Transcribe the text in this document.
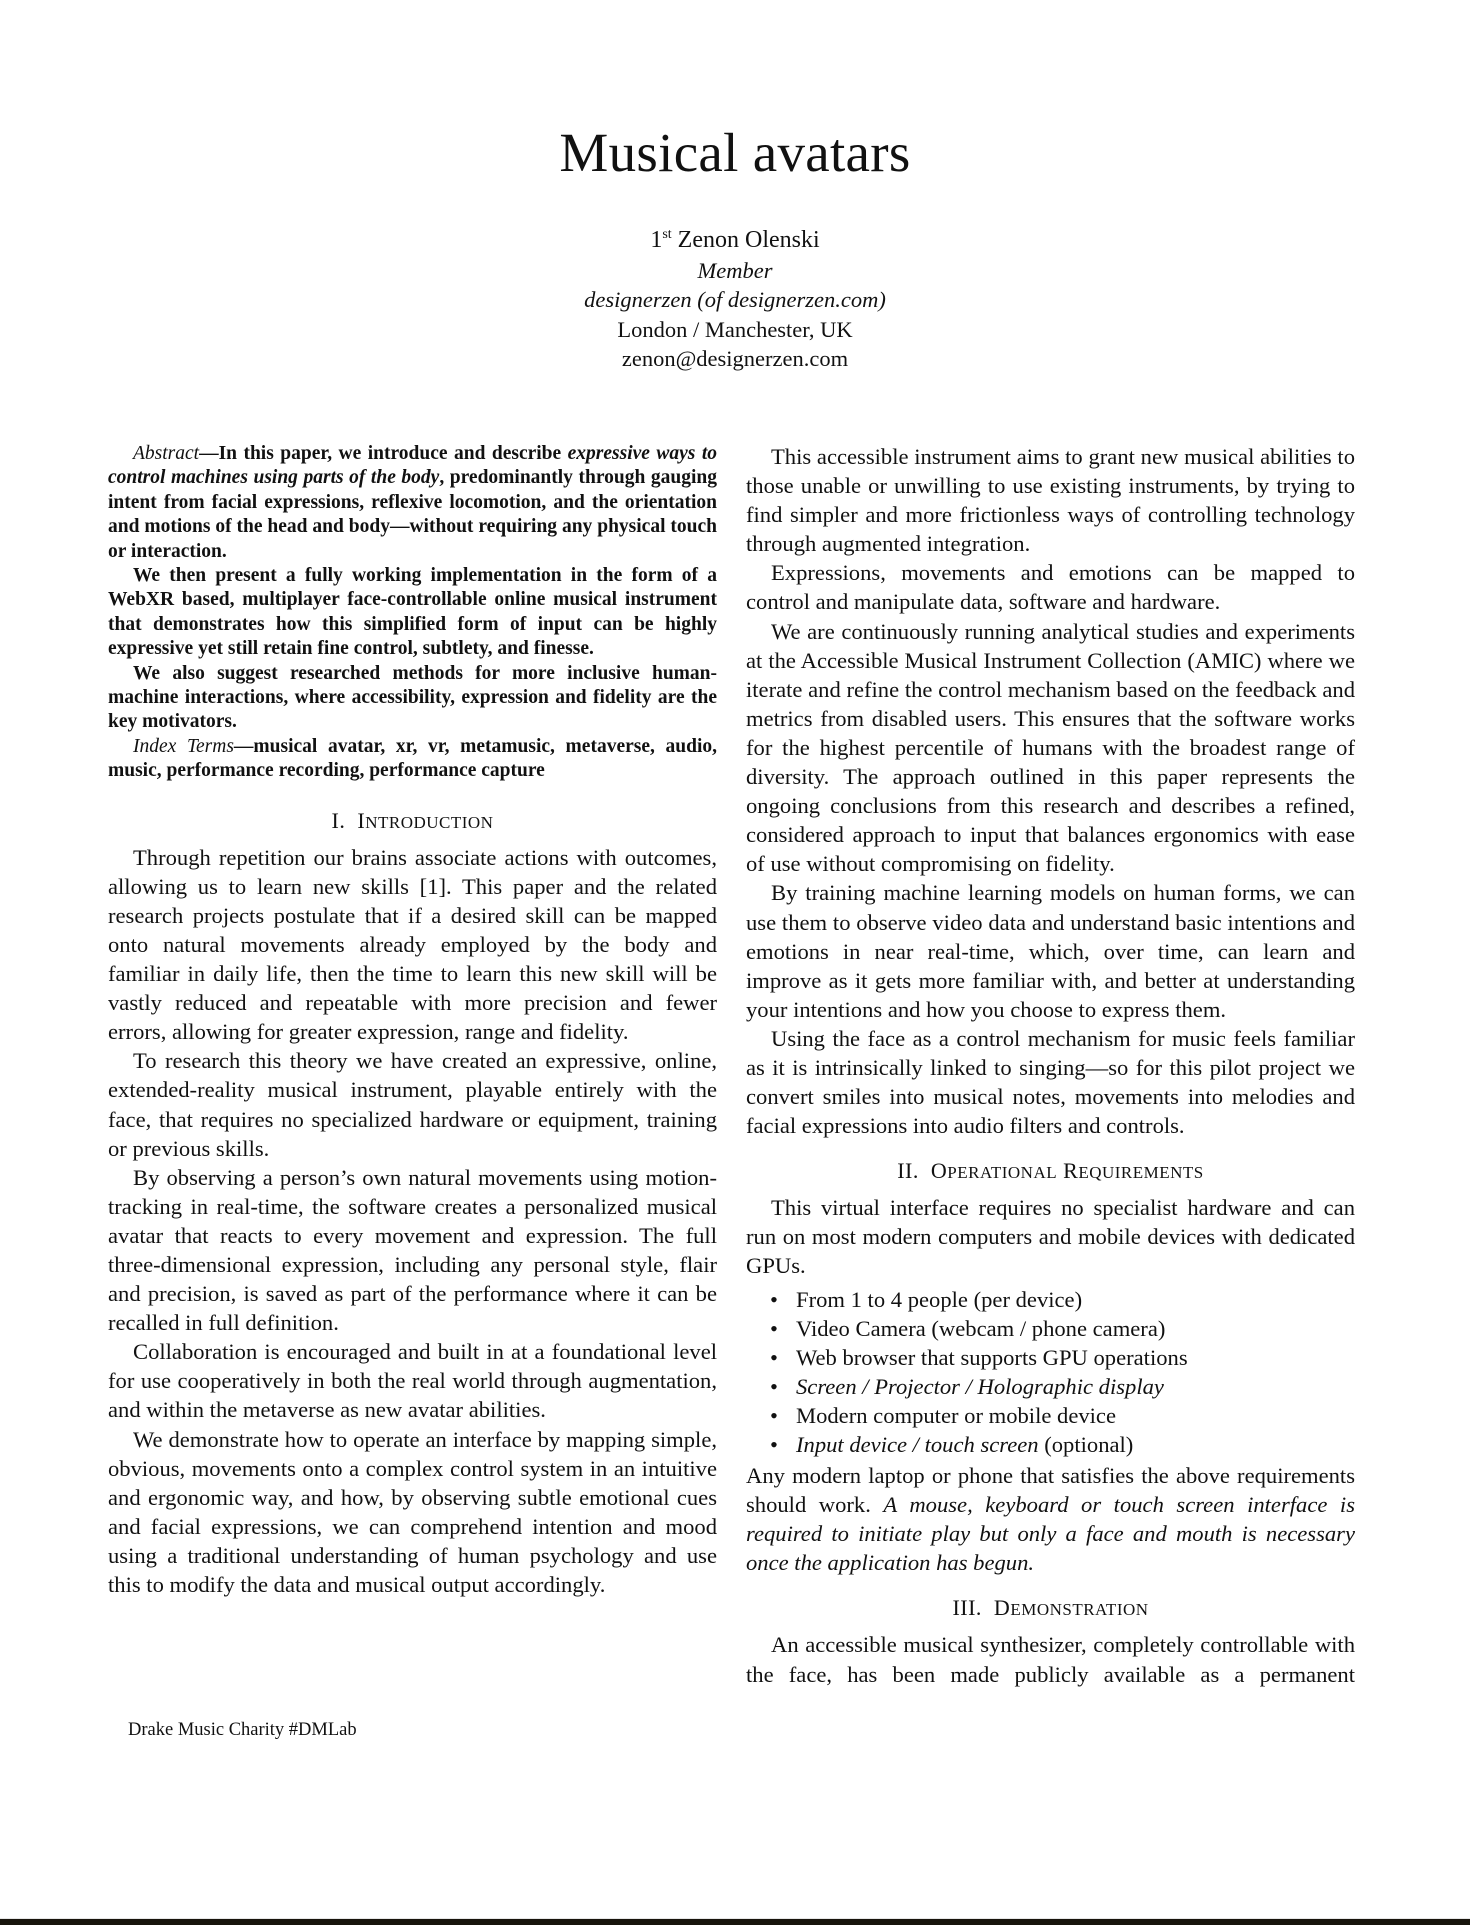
Musical avatars
1st Zenon Olenski
Member
designerzen (of designerzen.com)
London / Manchester, UK
zenon@designerzen.com

Abstract—In this paper, we introduce and describe expressive ways to control machines using parts of the body, predominantly through gauging intent from facial expressions, reflexive locomotion, and the orientation and motions of the head and body—without requiring any physical touch or interaction.

We then present a fully working implementation in the form of a WebXR based, multiplayer face-controllable online musical instrument that demonstrates how this simplified form of input can be highly expressive yet still retain fine control, subtlety, and finesse.

We also suggest researched methods for more inclusive human-machine interactions, where accessibility, expression and fidelity are the key motivators.

Index Terms—musical avatar, xr, vr, metamusic, metaverse, audio, music, performance recording, performance capture

I. INTRODUCTION

Through repetition our brains associate actions with outcomes, allowing us to learn new skills [1]. This paper and the related research projects postulate that if a desired skill can be mapped onto natural movements already employed by the body and familiar in daily life, then the time to learn this new skill will be vastly reduced and repeatable with more precision and fewer errors, allowing for greater expression, range and fidelity.

To research this theory we have created an expressive, online, extended-reality musical instrument, playable entirely with the face, that requires no specialized hardware or equipment, training or previous skills.

By observing a person’s own natural movements using motion-tracking in real-time, the software creates a personalized musical avatar that reacts to every movement and expression. The full three-dimensional expression, including any personal style, flair and precision, is saved as part of the performance where it can be recalled in full definition.

Collaboration is encouraged and built in at a foundational level for use cooperatively in both the real world through augmentation, and within the metaverse as new avatar abilities.

We demonstrate how to operate an interface by mapping simple, obvious, movements onto a complex control system in an intuitive and ergonomic way, and how, by observing subtle emotional cues and facial expressions, we can comprehend intention and mood using a traditional understanding of human psychology and use this to modify the data and musical output accordingly.

This accessible instrument aims to grant new musical abilities to those unable or unwilling to use existing instruments, by trying to find simpler and more frictionless ways of controlling technology through augmented integration.

Expressions, movements and emotions can be mapped to control and manipulate data, software and hardware.

We are continuously running analytical studies and experiments at the Accessible Musical Instrument Collection (AMIC) where we iterate and refine the control mechanism based on the feedback and metrics from disabled users. This ensures that the software works for the highest percentile of humans with the broadest range of diversity. The approach outlined in this paper represents the ongoing conclusions from this research and describes a refined, considered approach to input that balances ergonomics with ease of use without compromising on fidelity.

By training machine learning models on human forms, we can use them to observe video data and understand basic intentions and emotions in near real-time, which, over time, can learn and improve as it gets more familiar with, and better at understanding your intentions and how you choose to express them.

Using the face as a control mechanism for music feels familiar as it is intrinsically linked to singing—so for this pilot project we convert smiles into musical notes, movements into melodies and facial expressions into audio filters and controls.

II. OPERATIONAL REQUIREMENTS

This virtual interface requires no specialist hardware and can run on most modern computers and mobile devices with dedicated GPUs.

• From 1 to 4 people (per device)
• Video Camera (webcam / phone camera)
• Web browser that supports GPU operations
• Screen / Projector / Holographic display
• Modern computer or mobile device
• Input device / touch screen (optional)

Any modern laptop or phone that satisfies the above requirements should work. A mouse, keyboard or touch screen interface is required to initiate play but only a face and mouth is necessary once the application has begun.

III. DEMONSTRATION

An accessible musical synthesizer, completely controllable with the face, has been made publicly available as a permanent

Drake Music Charity #DMLab
